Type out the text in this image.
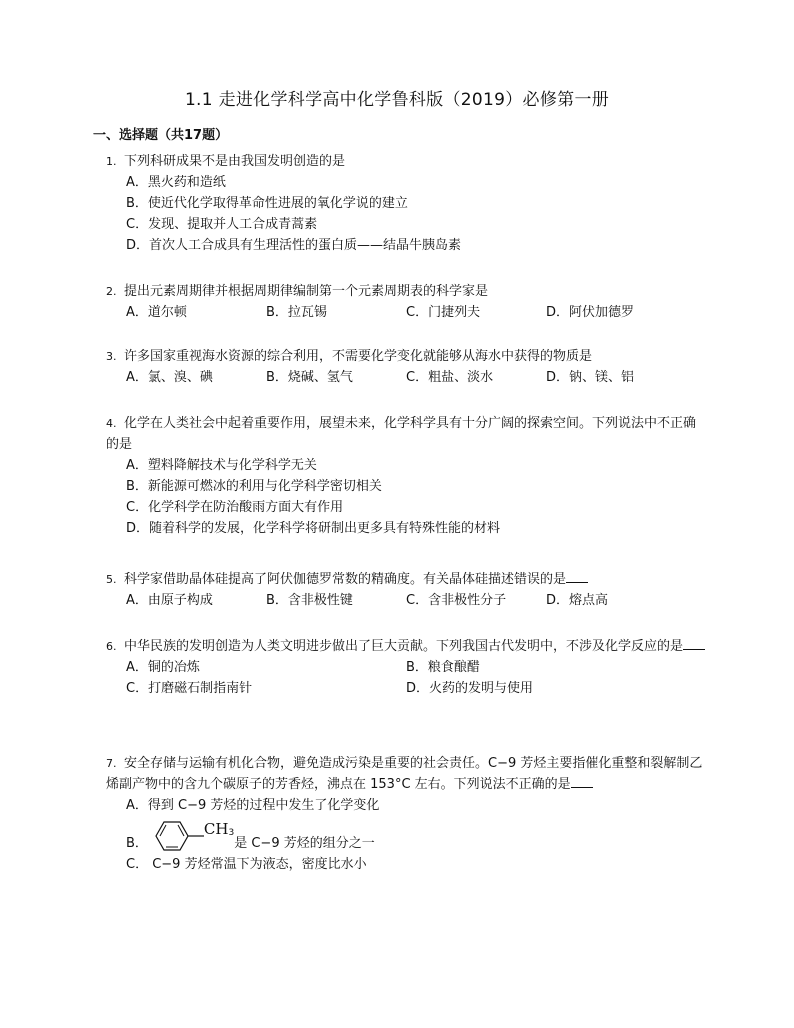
1.1 走进化学科学高中化学鲁科版（2019）必修第一册
一、选择题（共17题）
1. 下列科研成果不是由我国发明创造的是
A．黑火药和造纸
B．使近代化学取得革命性进展的氧化学说的建立
C．发现、提取并人工合成青蒿素
D．首次人工合成具有生理活性的蛋白质——结晶牛胰岛素
2. 提出元素周期律并根据周期律编制第一个元素周期表的科学家是
A．道尔顿	B．拉瓦锡	C．门捷列夫	D．阿伏加德罗
3. 许多国家重视海水资源的综合利用，不需要化学变化就能够从海水中获得的物质是
A．氯、溴、碘	B．烧碱、氢气	C．粗盐、淡水	D．钠、镁、铝
4. 化学在人类社会中起着重要作用，展望未来，化学科学具有十分广阔的探索空间。下列说法中不正确的是
A．塑料降解技术与化学科学无关
B．新能源可燃冰的利用与化学科学密切相关
C．化学科学在防治酸雨方面大有作用
D．随着科学的发展，化学科学将研制出更多具有特殊性能的材料
5. 科学家借助晶体硅提高了阿伏伽德罗常数的精确度。有关晶体硅描述错误的是
A．由原子构成	B．含非极性键	C．含非极性分子	D．熔点高
6. 中华民族的发明创造为人类文明进步做出了巨大贡献。下列我国古代发明中，不涉及化学反应的是
A．铜的冶炼	B．粮食酿醋
C．打磨磁石制指南针	D．火药的发明与使用
7. 安全存储与运输有机化合物，避免造成污染是重要的社会责任。C−9 芳烃主要指催化重整和裂解制乙烯副产物中的含九个碳原子的芳香烃，沸点在 153°C 左右。下列说法不正确的是
A．得到 C−9 芳烃的过程中发生了化学变化
B．
$CH_3$
是 C−9 芳烃的组分之一
C． C−9 芳烃常温下为液态，密度比水小
